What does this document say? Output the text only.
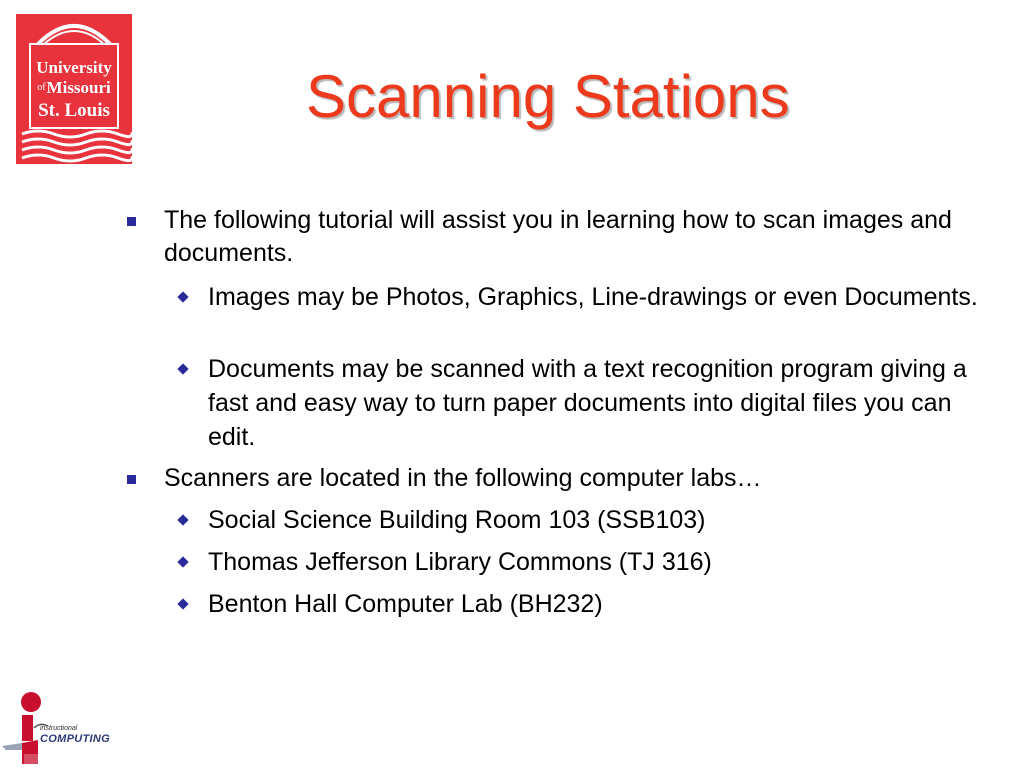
University
ofMissouri
St. Louis	Scanning Stations
The following tutorial will assist you in learning how to scan images and documents.
Images may be Photos, Graphics, Line-drawings or even Documents.
Documents may be scanned with a text recognition program giving a fast and easy way to turn paper documents into digital files you can edit.
Scanners are located in the following computer labs…
Social Science Building Room 103 (SSB103)
Thomas Jefferson Library Commons (TJ 316)
Benton Hall Computer Lab (BH232)
instructional
COMPUTING
